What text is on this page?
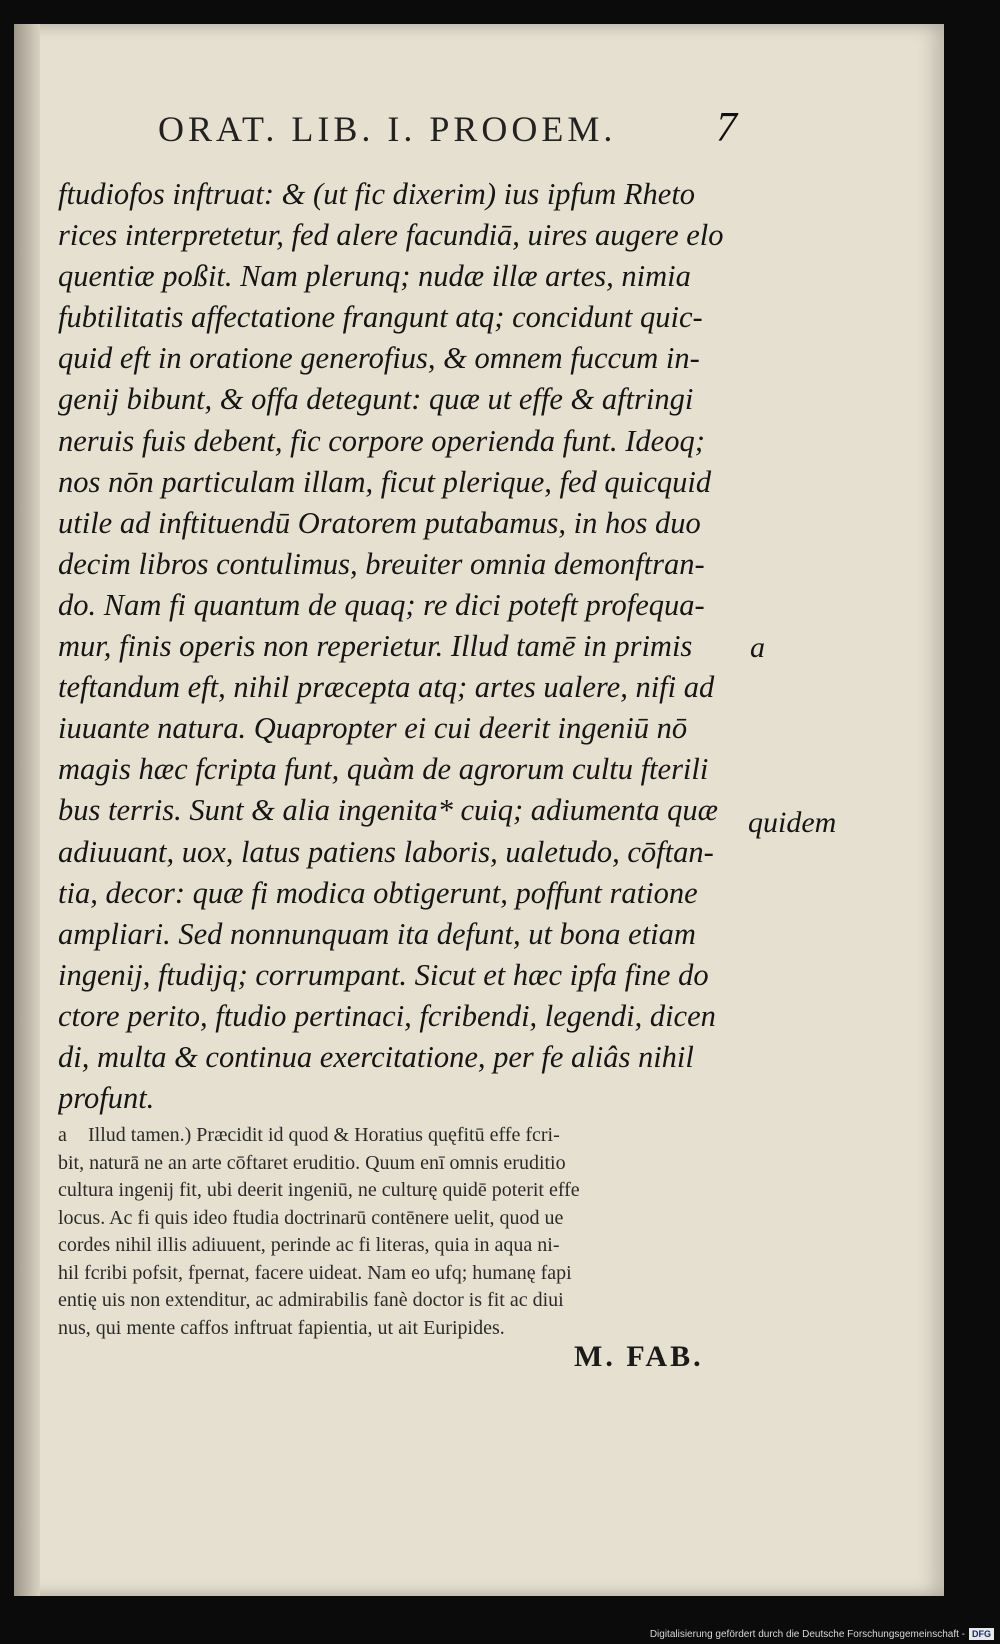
ORAT. LIB. I. PROOEM. 7
ftudiofos inftruat: & (ut fic dixerim) ius ipfum Rheto
rices interpretetur, fed alere facundiā, uires augere elo
quentiæ poßit. Nam plerunq; nudæ illæ artes, nimia
fubtilitatis affectatione frangunt atq; concidunt quic-
quid eft in oratione generofius, & omnem fuccum in-
genij bibunt, & offa detegunt: quæ ut effe & aftringi
neruis fuis debent, fic corpore operienda funt. Ideoq;
nos nōn particulam illam, ficut plerique, fed quicquid
utile ad inftituendū Oratorem putabamus, in hos duo
decim libros contulimus, breuiter omnia demonftran-
do. Nam fi quantum de quaq; re dici poteft profequa-
mur, finis operis non reperietur. Illud tamē in primis
teftandum eft, nihil præcepta atq; artes ualere, nifi ad
iuuante natura. Quapropter ei cui deerit ingeniū nō
magis hæc fcripta funt, quàm de agrorum cultu fterili
bus terris. Sunt & alia ingenita* cuiq; adiumenta quæ
adiuuant, uox, latus patiens laboris, ualetudo, cōftan-
tia, decor: quæ fi modica obtigerunt, poffunt ratione
ampliari. Sed nonnunquam ita defunt, ut bona etiam
ingenij, ftudijq; corrumpant. Sicut et hæc ipfa fine do
ctore perito, ftudio pertinaci, fcribendi, legendi, dicen
di, multa & continua exercitatione, per fe aliâs nihil
profunt.
a
quidem
a Illud tamen.) Præcidit id quod & Horatius quęfitū effe fcri-
bit, naturā ne an arte cōftaret eruditio. Quum enī omnis eruditio
cultura ingenij fit, ubi deerit ingeniū, ne culturę quidē poterit effe
locus. Ac fi quis ideo ftudia doctrinarū contēnere uelit, quod ue
cordes nihil illis adiuuent, perinde ac fi literas, quia in aqua ni-
hil fcribi pofsit, fpernat, facere uideat. Nam eo ufq; humanę fapi
entię uis non extenditur, ac admirabilis fanè doctor is fit ac diui
nus, qui mente caffos inftruat fapientia, ut ait Euripides.
M. FAB.
Digitalisierung gefördert durch die Deutsche Forschungsgemeinschaft - DFG
